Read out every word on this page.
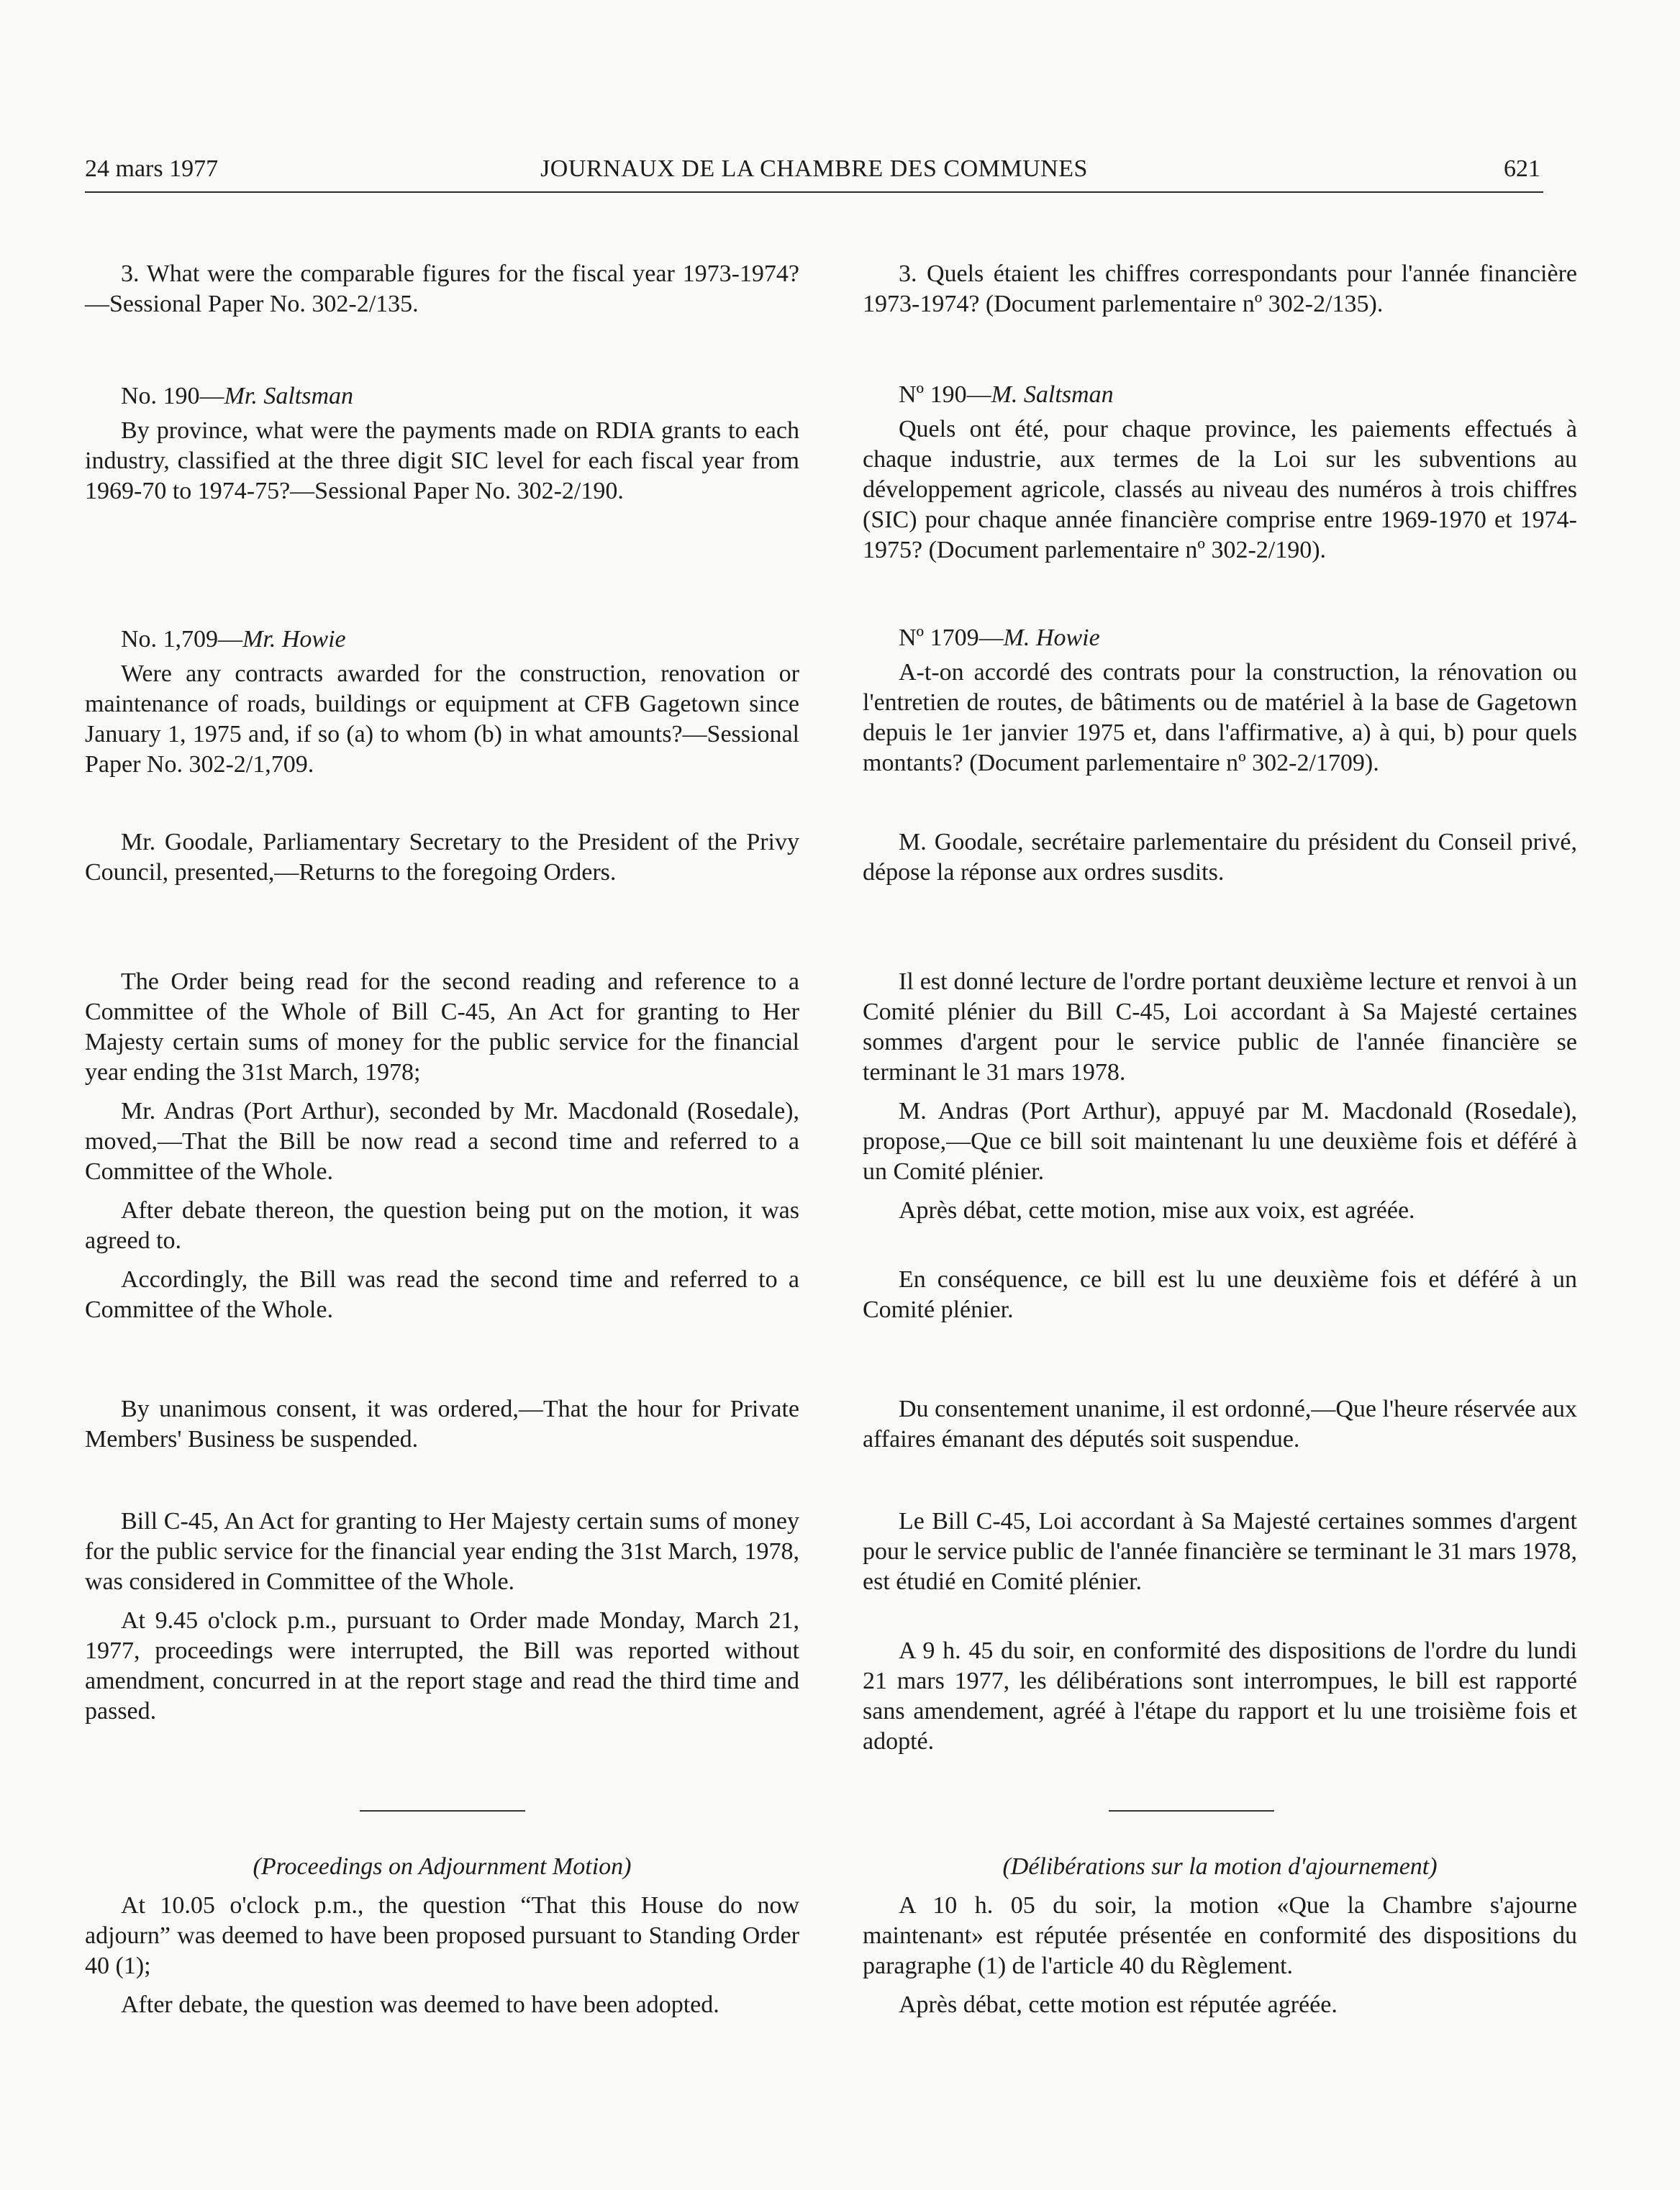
24 mars 1977	JOURNAUX DE LA CHAMBRE DES COMMUNES	621

3. What were the comparable figures for the fiscal year 1973-1974?—Sessional Paper No. 302-2/135.

No. 190—Mr. Saltsman

By province, what were the payments made on RDIA grants to each industry, classified at the three digit SIC level for each fiscal year from 1969-70 to 1974-75?—Sessional Paper No. 302-2/190.

No. 1,709—Mr. Howie

Were any contracts awarded for the construction, renovation or maintenance of roads, buildings or equipment at CFB Gagetown since January 1, 1975 and, if so (a) to whom (b) in what amounts?—Sessional Paper No. 302-2/1,709.

Mr. Goodale, Parliamentary Secretary to the President of the Privy Council, presented,—Returns to the foregoing Orders.

The Order being read for the second reading and reference to a Committee of the Whole of Bill C-45, An Act for granting to Her Majesty certain sums of money for the public service for the financial year ending the 31st March, 1978;

Mr. Andras (Port Arthur), seconded by Mr. Macdonald (Rosedale), moved,—That the Bill be now read a second time and referred to a Committee of the Whole.

After debate thereon, the question being put on the motion, it was agreed to.

Accordingly, the Bill was read the second time and referred to a Committee of the Whole.

By unanimous consent, it was ordered,—That the hour for Private Members' Business be suspended.

Bill C-45, An Act for granting to Her Majesty certain sums of money for the public service for the financial year ending the 31st March, 1978, was considered in Committee of the Whole.

At 9.45 o'clock p.m., pursuant to Order made Monday, March 21, 1977, proceedings were interrupted, the Bill was reported without amendment, concurred in at the report stage and read the third time and passed.

(Proceedings on Adjournment Motion)

At 10.05 o'clock p.m., the question “That this House do now adjourn” was deemed to have been proposed pursuant to Standing Order 40 (1);

After debate, the question was deemed to have been adopted.

3. Quels étaient les chiffres correspondants pour l'année financière 1973-1974? (Document parlementaire nº 302-2/135).

Nº 190—M. Saltsman

Quels ont été, pour chaque province, les paiements effectués à chaque industrie, aux termes de la Loi sur les subventions au développement agricole, classés au niveau des numéros à trois chiffres (SIC) pour chaque année financière comprise entre 1969-1970 et 1974-1975? (Document parlementaire nº 302-2/190).

Nº 1709—M. Howie

A-t-on accordé des contrats pour la construction, la rénovation ou l'entretien de routes, de bâtiments ou de matériel à la base de Gagetown depuis le 1er janvier 1975 et, dans l'affirmative, a) à qui, b) pour quels montants? (Document parlementaire nº 302-2/1709).

M. Goodale, secrétaire parlementaire du président du Conseil privé, dépose la réponse aux ordres susdits.

Il est donné lecture de l'ordre portant deuxième lecture et renvoi à un Comité plénier du Bill C-45, Loi accordant à Sa Majesté certaines sommes d'argent pour le service public de l'année financière se terminant le 31 mars 1978.

M. Andras (Port Arthur), appuyé par M. Macdonald (Rosedale), propose,—Que ce bill soit maintenant lu une deuxième fois et déféré à un Comité plénier.

Après débat, cette motion, mise aux voix, est agréée.

En conséquence, ce bill est lu une deuxième fois et déféré à un Comité plénier.

Du consentement unanime, il est ordonné,—Que l'heure réservée aux affaires émanant des députés soit suspendue.

Le Bill C-45, Loi accordant à Sa Majesté certaines sommes d'argent pour le service public de l'année financière se terminant le 31 mars 1978, est étudié en Comité plénier.

A 9 h. 45 du soir, en conformité des dispositions de l'ordre du lundi 21 mars 1977, les délibérations sont interrompues, le bill est rapporté sans amendement, agréé à l'étape du rapport et lu une troisième fois et adopté.

(Délibérations sur la motion d'ajournement)

A 10 h. 05 du soir, la motion «Que la Chambre s'ajourne maintenant» est réputée présentée en conformité des dispositions du paragraphe (1) de l'article 40 du Règlement.

Après débat, cette motion est réputée agréée.
